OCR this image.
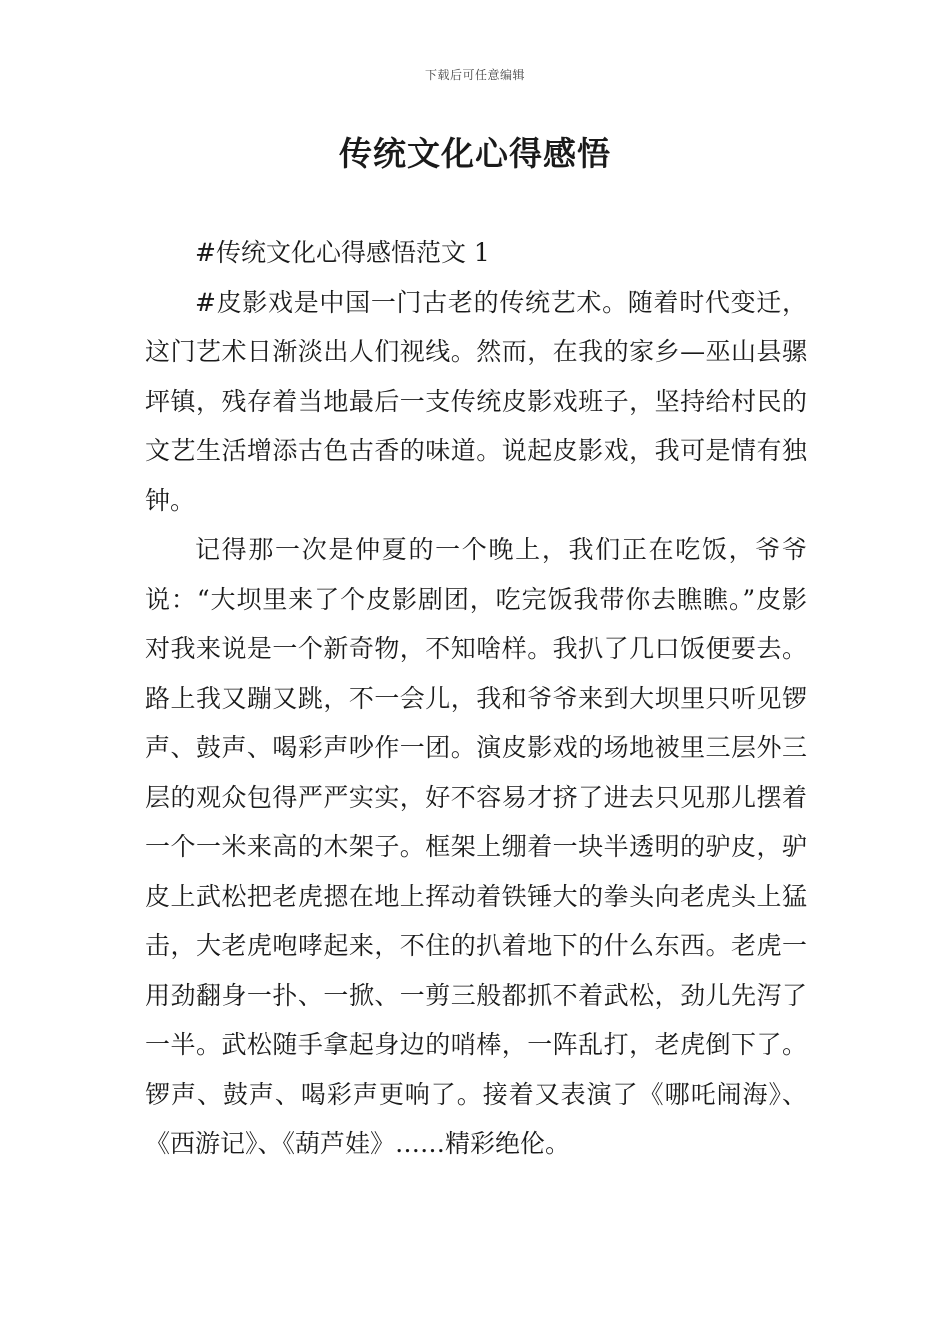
下载后可任意编辑
传统文化心得感悟

#传统文化心得感悟范文 1

#皮影戏是中国一门古老的传统艺术。随着时代变迁，这门艺术日渐淡出人们视线。然而，在我的家乡—巫山县骡坪镇，残存着当地最后一支传统皮影戏班子，坚持给村民的文艺生活增添古色古香的味道。说起皮影戏，我可是情有独钟。

记得那一次是仲夏的一个晚上，我们正在吃饭，爷爷说：“大坝里来了个皮影剧团，吃完饭我带你去瞧瞧。”皮影对我来说是一个新奇物，不知啥样。我扒了几口饭便要去。路上我又蹦又跳，不一会儿，我和爷爷来到大坝里只听见锣声、鼓声、喝彩声吵作一团。演皮影戏的场地被里三层外三层的观众包得严严实实，好不容易才挤了进去只见那儿摆着一个一米来高的木架子。框架上绷着一块半透明的驴皮，驴皮上武松把老虎摁在地上挥动着铁锤大的拳头向老虎头上猛击，大老虎咆哮起来，不住的扒着地下的什么东西。老虎一用劲翻身一扑、一掀、一剪三般都抓不着武松，劲儿先泻了一半。武松随手拿起身边的哨棒，一阵乱打，老虎倒下了。锣声、鼓声、喝彩声更响了。接着又表演了《哪吒闹海》、《西游记》、《葫芦娃》……精彩绝伦。
